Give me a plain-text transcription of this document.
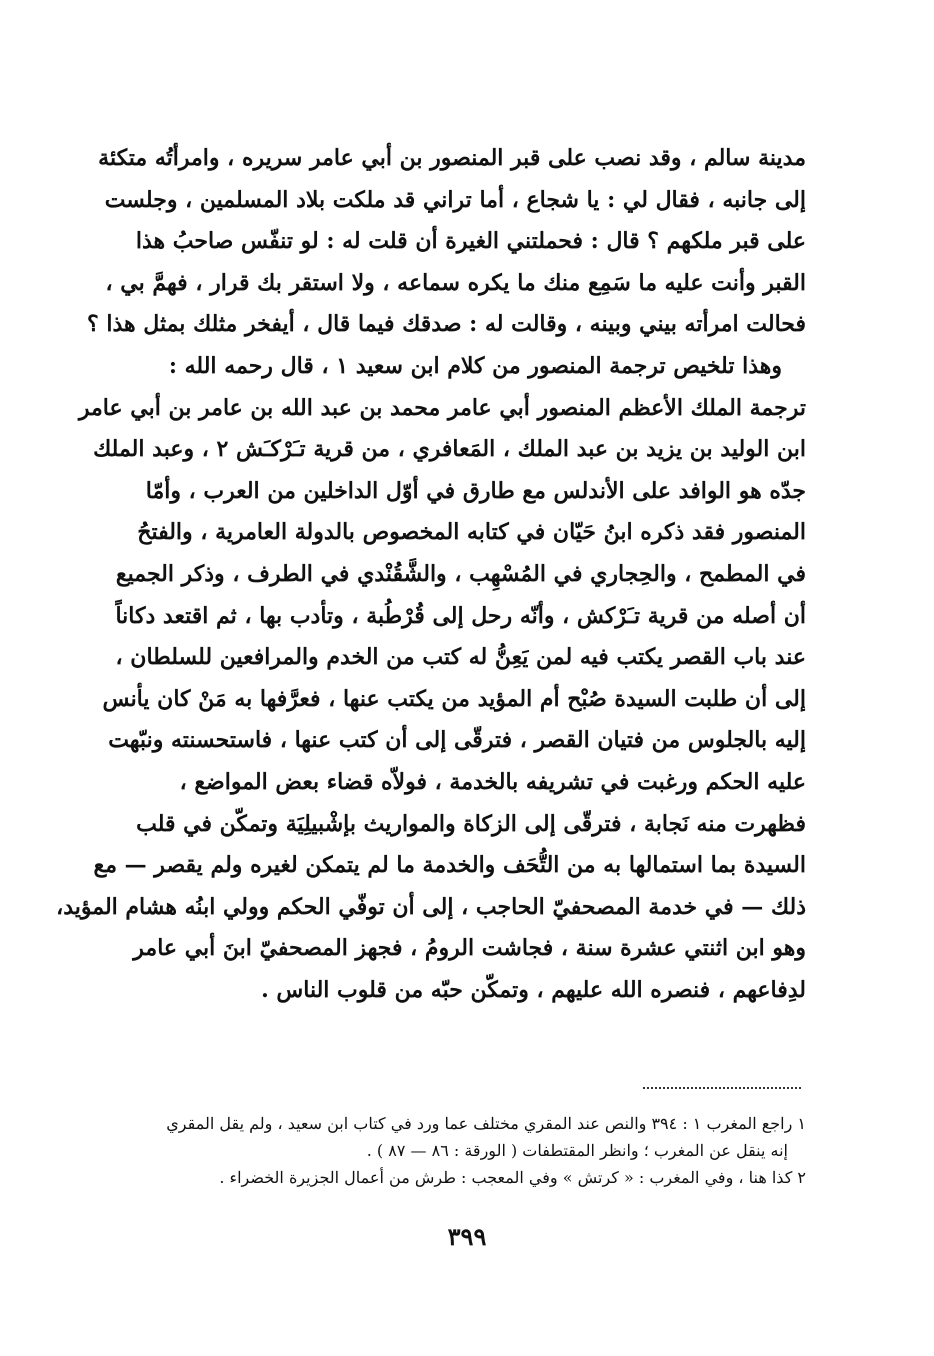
مدينة سالم ، وقد نصب على قبر المنصور بن أبي عامر سريره ، وامرأتُه متكئة
إلى جانبه ، فقال لي : يا شجاع ، أما تراني قد ملكت بلاد المسلمين ، وجلست
على قبر ملكهم ؟ قال : فحملتني الغيرة أن قلت له : لو تنفّس صاحبُ هذا
القبر وأنت عليه ما سَمِع منك ما يكره سماعه ، ولا استقر بك قرار ، فهمَّ بي ،
فحالت امرأته بيني وبينه ، وقالت له : صدقك فيما قال ، أيفخر مثلك بمثل هذا ؟
وهذا تلخيص ترجمة المنصور من كلام ابن سعيد ١ ، قال رحمه الله :
ترجمة الملك الأعظم المنصور أبي عامر محمد بن عبد الله بن عامر بن أبي عامر
ابن الوليد بن يزيد بن عبد الملك ، المَعافري ، من قرية تـَرْكـَش ٢ ، وعبد الملك
جدّه هو الوافد على الأندلس مع طارق في أوّل الداخلين من العرب ، وأمّا
المنصور فقد ذكره ابنُ حَيّان في كتابه المخصوص بالدولة العامرية ، والفتحُ
في المطمح ، والحِجاري في المُسْهِب ، والشَّقُنْدي في الطرف ، وذكر الجميع
أن أصله من قرية تـَرْكش ، وأنّه رحل إلى قُرْطُبة ، وتأدب بها ، ثم اقتعد دكاناً
عند باب القصر يكتب فيه لمن يَعِنُّ له كتب من الخدم والمرافعين للسلطان ،
إلى أن طلبت السيدة صُبْح أم المؤيد من يكتب عنها ، فعرَّفها به مَنْ كان يأنس
إليه بالجلوس من فتيان القصر ، فترقّى إلى أن كتب عنها ، فاستحسنته ونبّهت
عليه الحكم ورغبت في تشريفه بالخدمة ، فولاّه قضاء بعض المواضع ،
فظهرت منه نَجابة ، فترقّى إلى الزكاة والمواريث بإشْبيلِيَة وتمكّن في قلب
السيدة بما استمالها به من التُّحَف والخدمة ما لم يتمكن لغيره ولم يقصر — مع
ذلك — في خدمة المصحفيّ الحاجب ، إلى أن توفّي الحكم وولي ابنُه هشام المؤيد،
وهو ابن اثنتي عشرة سنة ، فجاشت الرومُ ، فجهز المصحفيّ ابنَ أبي عامر
لدِفاعهم ، فنصره الله عليهم ، وتمكّن حبّه من قلوب الناس .
١ راجع المغرب ١ : ٣٩٤ والنص عند المقري مختلف عما ورد في كتاب ابن سعيد ، ولم يقل المقري
إنه ينقل عن المغرب ؛ وانظر المقتطفات ( الورقة : ٨٦ — ٨٧ ) .
٢ كذا هنا ، وفي المغرب : « كرتش » وفي المعجب : طرش من أعمال الجزيرة الخضراء .
٣٩٩
